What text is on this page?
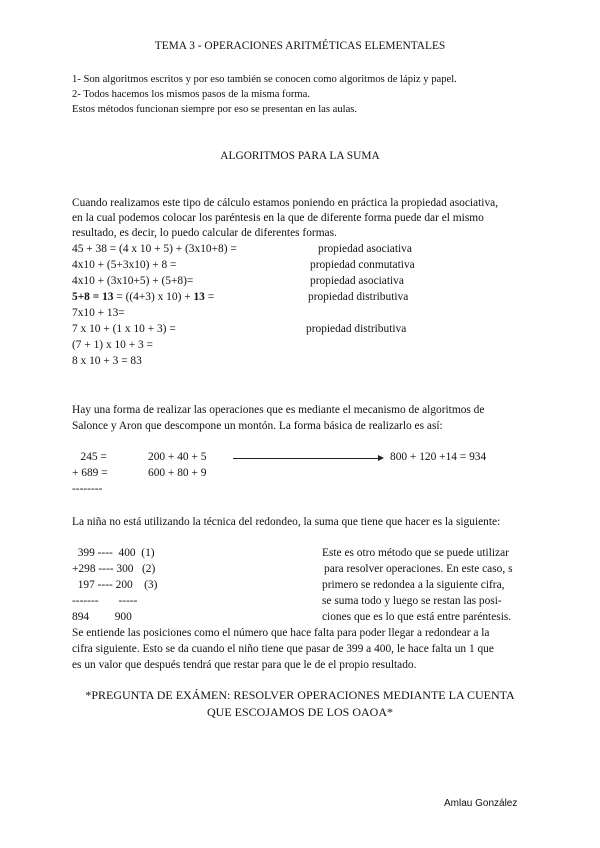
TEMA 3 - OPERACIONES ARITMÉTICAS ELEMENTALES
1- Son algoritmos escritos y por eso también se conocen como algoritmos de lápiz y papel.
2- Todos hacemos los mismos pasos de la misma forma.
Estos métodos funcionan siempre por eso se presentan en las aulas.
ALGORITMOS PARA LA SUMA
Cuando realizamos este tipo de cálculo estamos poniendo en práctica la propiedad asociativa,
en la cual podemos colocar los paréntesis en la que de diferente forma puede dar el mismo
resultado, es decir, lo puedo calcular de diferentes formas.
45 + 38 = (4 x 10 + 5) + (3x10+8) =	propiedad asociativa
4x10 + (5+3x10) + 8 =	propiedad conmutativa
4x10 + (3x10+5) + (5+8)=	propiedad asociativa
5+8 = 13 = ((4+3) x 10) + 13 =	propiedad distributiva
7x10 + 13=
7 x 10 + (1 x 10 + 3) =	propiedad distributiva
(7 + 1) x 10 + 3 =
8 x 10 + 3 = 83
Hay una forma de realizar las operaciones que es mediante el mecanismo de algoritmos de
Salonce y Aron que descompone un montón. La forma básica de realizarlo es así:
245 =	200 + 40 + 5	800 + 120 +14 = 934
+ 689 =	600 + 80 + 9
--------
La niña no está utilizando la técnica del redondeo, la suma que tiene que hacer es la siguiente:
399 ----  400  (1)
+298 ---- 300   (2)
197 ---- 200    (3)
-------       -----
894         900
Este es otro método que se puede utilizar
para resolver operaciones. En este caso, s
primero se redondea a la siguiente cifra,
se suma todo y luego se restan las posi-
ciones que es lo que está entre paréntesis.
Se entiende las posiciones como el número que hace falta para poder llegar a redondear a la
cifra siguiente. Esto se da cuando el niño tiene que pasar de 399 a 400, le hace falta un 1 que
es un valor que después tendrá que restar para que le de el propio resultado.
*PREGUNTA DE EXÁMEN: RESOLVER OPERACIONES MEDIANTE LA CUENTA
QUE ESCOJAMOS DE LOS OAOA*
Amlau González
